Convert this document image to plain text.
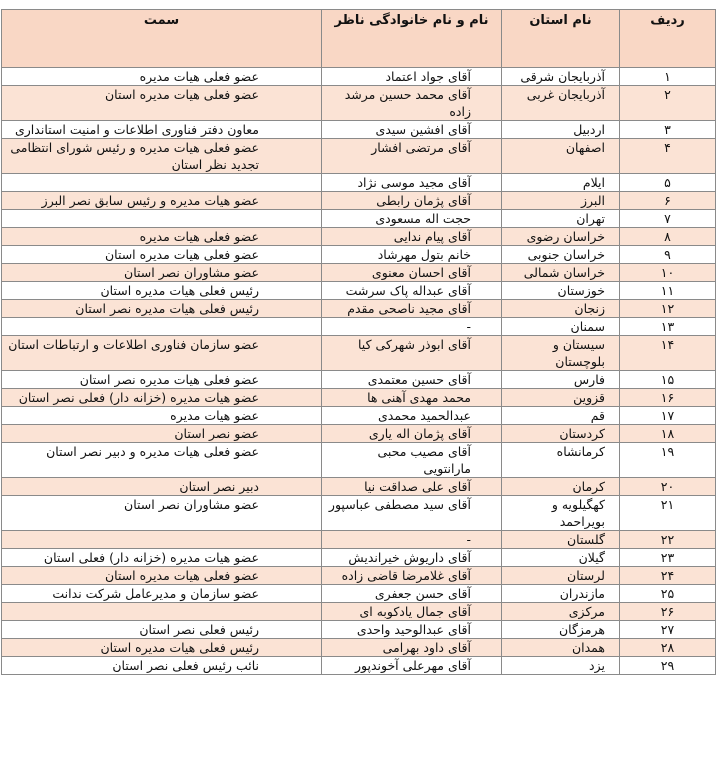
ردیف	نام استان	نام و نام خانوادگی ناظر	سمت
۱	آذربایجان شرقی	آقای جواد اعتماد	عضو فعلی هیات مدیره
۲	آذربایجان غربی	آقای محمد حسین مرشد زاده	عضو فعلی هیات مدیره استان
۳	اردبیل	آقای افشین سیدی	معاون دفتر فناوری اطلاعات و امنیت استانداری
۴	اصفهان	آقای مرتضی افشار	عضو فعلی هیات مدیره و رئیس شورای انتظامی تجدید نظر استان
۵	ایلام	آقای مجید موسی نژاد	
۶	البرز	آقای پژمان رابطی	عضو هیات مدیره و رئیس سابق نصر البرز
۷	تهران	حجت اله مسعودی	
۸	خراسان رضوی	آقای پیام ندایی	عضو فعلی هیات مدیره
۹	خراسان جنوبی	خانم بتول مهرشاد	عضو فعلی هیات مدیره استان
۱۰	خراسان شمالی	آقای احسان معنوی	عضو مشاوران نصر استان
۱۱	خوزستان	آقای عبداله پاک سرشت	رئیس فعلی هیات مدیره استان
۱۲	زنجان	آقای مجید ناصحی مقدم	رئیس فعلی هیات مدیره نصر استان
۱۳	سمنان	-	
۱۴	سیستان و بلوچستان	آقای ابوذر شهرکی کیا	عضو سازمان فناوری اطلاعات و ارتباطات استان
۱۵	فارس	آقای حسین معتمدی	عضو فعلی هیات مدیره نصر استان
۱۶	قزوین	محمد مهدی آهنی ها	عضو هیات مدیره (خزانه دار) فعلی نصر استان
۱۷	قم	عبدالحمید محمدی	عضو هیات مدیره
۱۸	کردستان	آقای پژمان اله یاری	عضو نصر استان
۱۹	کرمانشاه	آقای مصیب محبی مارانتویی	عضو فعلی هیات مدیره و دبیر نصر استان
۲۰	کرمان	آقای علی صداقت نیا	دبیر نصر استان
۲۱	کهگیلویه و بویراحمد	آقای سید مصطفی عباسپور	عضو مشاوران نصر استان
۲۲	گلستان	-	
۲۳	گیلان	آقای داریوش خیراندیش	عضو هیات مدیره (خزانه دار) فعلی استان
۲۴	لرستان	آقای غلامرضا قاضی زاده	عضو فعلی هیات مدیره استان
۲۵	مازندران	آقای حسن جعفری	عضو سازمان و مدیرعامل شرکت ندانت
۲۶	مرکزی	آقای جمال یادکوبه ای	
۲۷	هرمزگان	آقای عبدالوحید واحدی	رئیس فعلی نصر استان
۲۸	همدان	آقای داود بهرامی	رئیس فعلی هیات مدیره استان
۲۹	یزد	آقای مهرعلی آخوندپور	نائب رئیس فعلی نصر استان
